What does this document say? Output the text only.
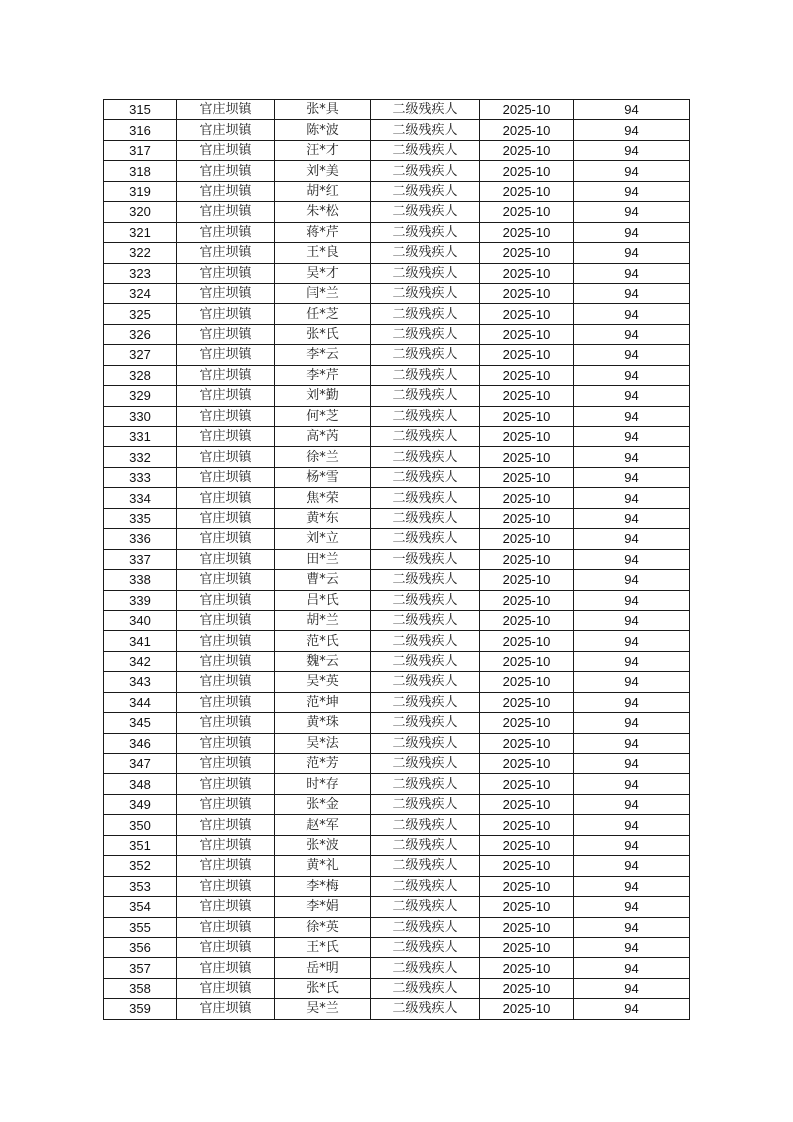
315	官庄坝镇	张*具	二级残疾人	2025-10	94
316	官庄坝镇	陈*波	二级残疾人	2025-10	94
317	官庄坝镇	汪*才	二级残疾人	2025-10	94
318	官庄坝镇	刘*美	二级残疾人	2025-10	94
319	官庄坝镇	胡*红	二级残疾人	2025-10	94
320	官庄坝镇	朱*松	二级残疾人	2025-10	94
321	官庄坝镇	蒋*芹	二级残疾人	2025-10	94
322	官庄坝镇	王*良	二级残疾人	2025-10	94
323	官庄坝镇	吴*才	二级残疾人	2025-10	94
324	官庄坝镇	闫*兰	二级残疾人	2025-10	94
325	官庄坝镇	任*芝	二级残疾人	2025-10	94
326	官庄坝镇	张*氏	二级残疾人	2025-10	94
327	官庄坝镇	李*云	二级残疾人	2025-10	94
328	官庄坝镇	李*芹	二级残疾人	2025-10	94
329	官庄坝镇	刘*勤	二级残疾人	2025-10	94
330	官庄坝镇	何*芝	二级残疾人	2025-10	94
331	官庄坝镇	高*芮	二级残疾人	2025-10	94
332	官庄坝镇	徐*兰	二级残疾人	2025-10	94
333	官庄坝镇	杨*雪	二级残疾人	2025-10	94
334	官庄坝镇	焦*荣	二级残疾人	2025-10	94
335	官庄坝镇	黄*东	二级残疾人	2025-10	94
336	官庄坝镇	刘*立	二级残疾人	2025-10	94
337	官庄坝镇	田*兰	一级残疾人	2025-10	94
338	官庄坝镇	曹*云	二级残疾人	2025-10	94
339	官庄坝镇	吕*氏	二级残疾人	2025-10	94
340	官庄坝镇	胡*兰	二级残疾人	2025-10	94
341	官庄坝镇	范*氏	二级残疾人	2025-10	94
342	官庄坝镇	魏*云	二级残疾人	2025-10	94
343	官庄坝镇	吴*英	二级残疾人	2025-10	94
344	官庄坝镇	范*坤	二级残疾人	2025-10	94
345	官庄坝镇	黄*珠	二级残疾人	2025-10	94
346	官庄坝镇	吴*法	二级残疾人	2025-10	94
347	官庄坝镇	范*芳	二级残疾人	2025-10	94
348	官庄坝镇	时*存	二级残疾人	2025-10	94
349	官庄坝镇	张*金	二级残疾人	2025-10	94
350	官庄坝镇	赵*军	二级残疾人	2025-10	94
351	官庄坝镇	张*波	二级残疾人	2025-10	94
352	官庄坝镇	黄*礼	二级残疾人	2025-10	94
353	官庄坝镇	李*梅	二级残疾人	2025-10	94
354	官庄坝镇	李*娟	二级残疾人	2025-10	94
355	官庄坝镇	徐*英	二级残疾人	2025-10	94
356	官庄坝镇	王*氏	二级残疾人	2025-10	94
357	官庄坝镇	岳*明	二级残疾人	2025-10	94
358	官庄坝镇	张*氏	二级残疾人	2025-10	94
359	官庄坝镇	吴*兰	二级残疾人	2025-10	94
